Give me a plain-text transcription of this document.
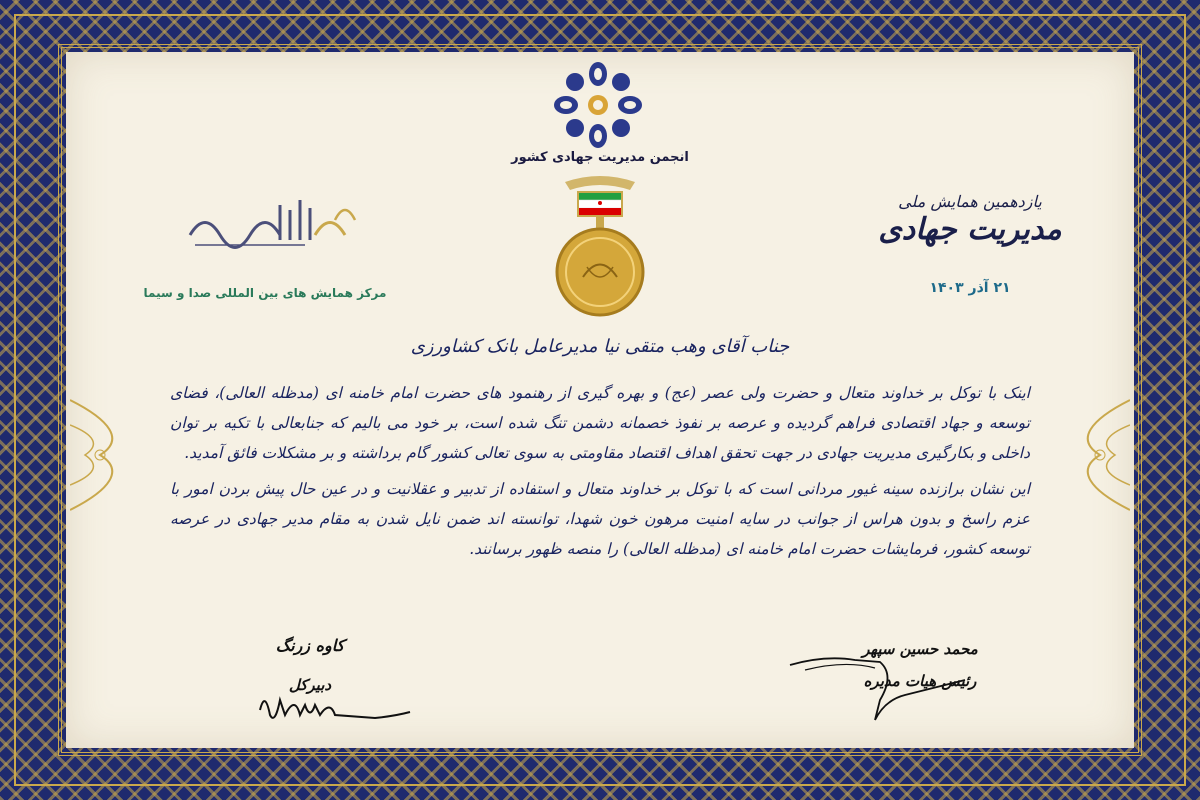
انجمن مدیریت جهادی کشور
مرکز همایش های بین المللی صدا و سیما
یازدهمین همایش ملی
مدیریت جهادی
۲۱ آذر ۱۴۰۳
جناب آقای وهب متقی نیا مدیرعامل بانک کشاورزی

اینک با توکل بر خداوند متعال و حضرت ولی عصر (عج) و بهره گیری از رهنمود های حضرت امام خامنه ای (مدظله العالی)، فضای توسعه و جهاد اقتصادی فراهم گردیده و عرصه بر نفوذ خصمانه دشمن تنگ شده است، بر خود می بالیم که جنابعالی با تکیه بر توان داخلی و بکارگیری مدیریت جهادی در جهت تحقق اهداف اقتصاد مقاومتی به سوی تعالی کشور گام برداشته و بر مشکلات فائق آمدید.

این نشان برازنده سینه غیور مردانی است که با توکل بر خداوند متعال و استفاده از تدبیر و عقلانیت و در عین حال پیش بردن امور با عزم راسخ و بدون هراس از جوانب در سایه امنیت مرهون خون شهدا، توانسته اند ضمن نایل شدن به مقام مدیر جهادی در عرصه توسعه کشور، فرمایشات حضرت امام خامنه ای (مدظله العالی) را منصه ظهور برسانند.

کاوه زرنگ
دبیرکل
محمد حسین سپهر
رئیس هیات مدیره
